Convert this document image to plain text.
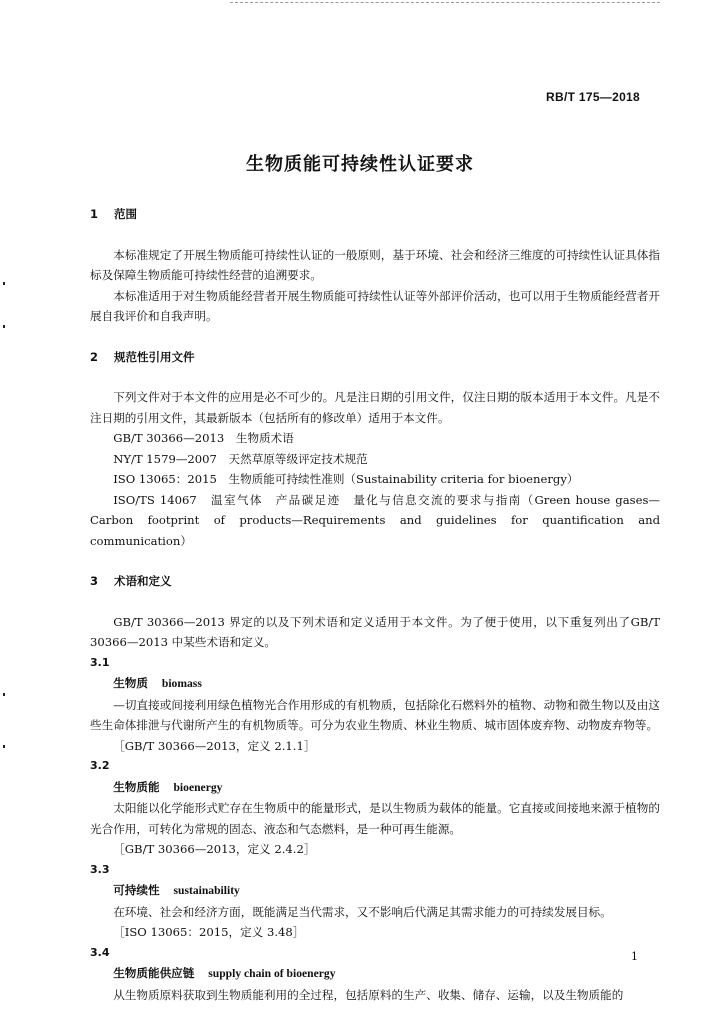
RB/T 175—2018
生物质能可持续性认证要求
1 范围

本标准规定了开展生物质能可持续性认证的一般原则，基于环境、社会和经济三维度的可持续性认证具体指标及保障生物质能可持续性经营的追溯要求。

本标准适用于对生物质能经营者开展生物质能可持续性认证等外部评价活动，也可以用于生物质能经营者开展自我评价和自我声明。

2 规范性引用文件

下列文件对于本文件的应用是必不可少的。凡是注日期的引用文件，仅注日期的版本适用于本文件。凡是不注日期的引用文件，其最新版本（包括所有的修改单）适用于本文件。

GB/T 30366—2013　生物质术语

NY/T 1579—2007　天然草原等级评定技术规范

ISO 13065：2015　生物质能可持续性准则（Sustainability criteria for bioenergy）

ISO/TS 14067　温室气体　产品碳足迹　量化与信息交流的要求与指南（Green house gases—Carbon footprint of products—Requirements and guidelines for quantification and communication）

3 术语和定义

GB/T 30366—2013 界定的以及下列术语和定义适用于本文件。为了便于使用，以下重复列出了GB/T 30366—2013 中某些术语和定义。

3.1
生物质 biomass

—切直接或间接利用绿色植物光合作用形成的有机物质，包括除化石燃料外的植物、动物和微生物以及由这些生命体排泄与代谢所产生的有机物质等。可分为农业生物质、林业生物质、城市固体废弃物、动物废弃物等。

［GB/T 30366—2013，定义 2.1.1］

3.2
生物质能 bioenergy

太阳能以化学能形式贮存在生物质中的能量形式，是以生物质为载体的能量。它直接或间接地来源于植物的光合作用，可转化为常规的固态、液态和气态燃料，是一种可再生能源。

［GB/T 30366—2013，定义 2.4.2］

3.3
可持续性 sustainability

在环境、社会和经济方面，既能满足当代需求，又不影响后代满足其需求能力的可持续发展目标。

［ISO 13065：2015，定义 3.48］

3.4
生物质能供应链 supply chain of bioenergy

从生物质原料获取到生物质能利用的全过程，包括原料的生产、收集、储存、运输，以及生物质能的

1
